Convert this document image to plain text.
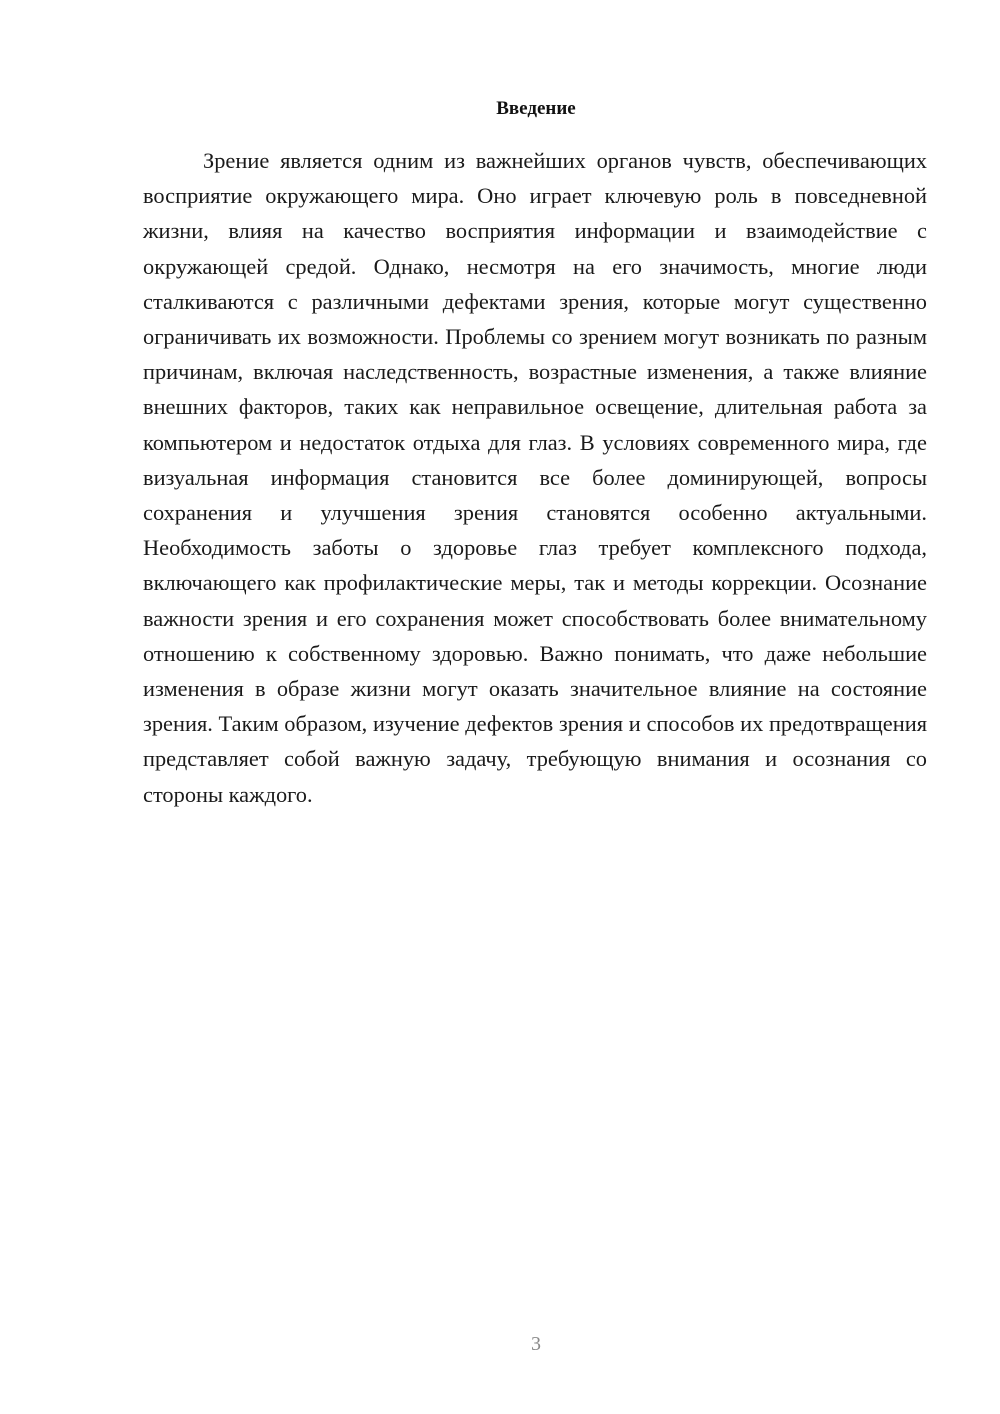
Введение

Зрение является одним из важнейших органов чувств, обеспечивающих восприятие окружающего мира. Оно играет ключевую роль в повседневной жизни, влияя на качество восприятия информации и взаимодействие с окружающей средой. Однако, несмотря на его значимость, многие люди сталкиваются с различными дефектами зрения, которые могут существенно ограничивать их возможности. Проблемы со зрением могут возникать по разным причинам, включая наследственность, возрастные изменения, а также влияние внешних факторов, таких как неправильное освещение, длительная работа за компьютером и недостаток отдыха для глаз. В условиях современного мира, где визуальная информация становится все более доминирующей, вопросы сохранения и улучшения зрения становятся особенно актуальными. Необходимость заботы о здоровье глаз требует комплексного подхода, включающего как профилактические меры, так и методы коррекции. Осознание важности зрения и его сохранения может способствовать более внимательному отношению к собственному здоровью. Важно понимать, что даже небольшие изменения в образе жизни могут оказать значительное влияние на состояние зрения. Таким образом, изучение дефектов зрения и способов их предотвращения представляет собой важную задачу, требующую внимания и осознания со стороны каждого.

3
